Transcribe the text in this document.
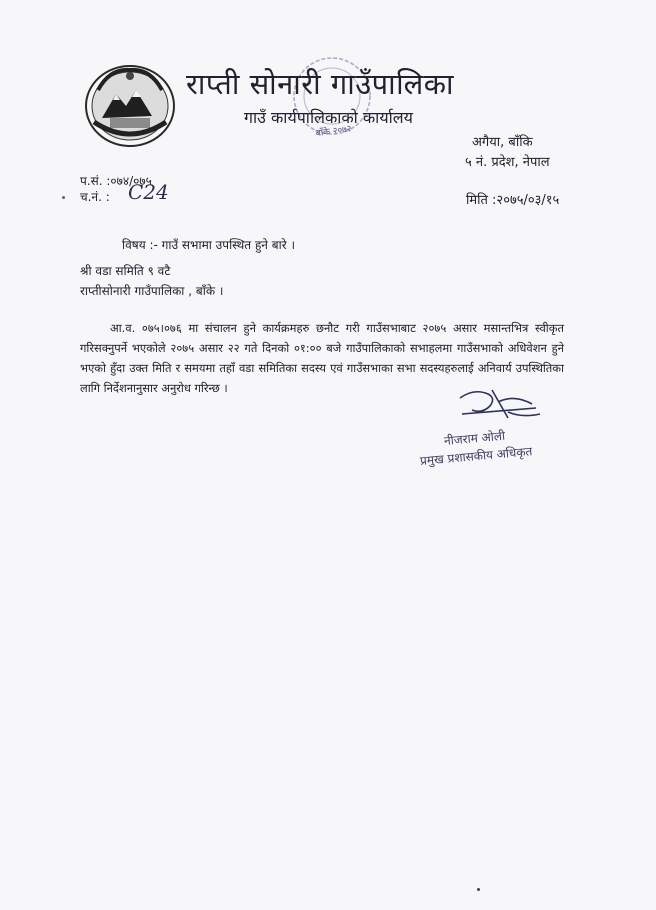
बाँके २०७२
राप्ती सोनारी गाउँपालिका
गाउँ कार्यपालिकाको कार्यालय
अगैया, बाँकि
५ नं. प्रदेश, नेपाल
प.सं. :०७४/०७५
च.नं. : C24	मिति :२०७५/०३/१५
विषय :- गाउँ सभामा उपस्थित हुने बारे ।
श्री वडा समिति ९ वटै
राप्तीसोनारी गाउँपालिका , बाँके ।
आ.व. ०७५।०७६ मा संचालन हुने कार्यक्रमहरु छनौट गरी गाउँसभाबाट २०७५ असार मसान्तभित्र स्वीकृत गरिसक्नुपर्ने भएकोले २०७५ असार २२ गते दिनको ०१:०० बजे गाउँपालिकाको सभाहलमा गाउँसभाको अधिवेशन हुने भएको हुँदा उक्त मिति र समयमा तहाँ वडा समितिका सदस्य एवं गाउँसभाका सभा सदस्यहरुलाई अनिवार्य उपस्थितिका लागि निर्देशनानुसार अनुरोध गरिन्छ ।
नीजराम ओली
प्रमुख प्रशासकीय अधिकृत
